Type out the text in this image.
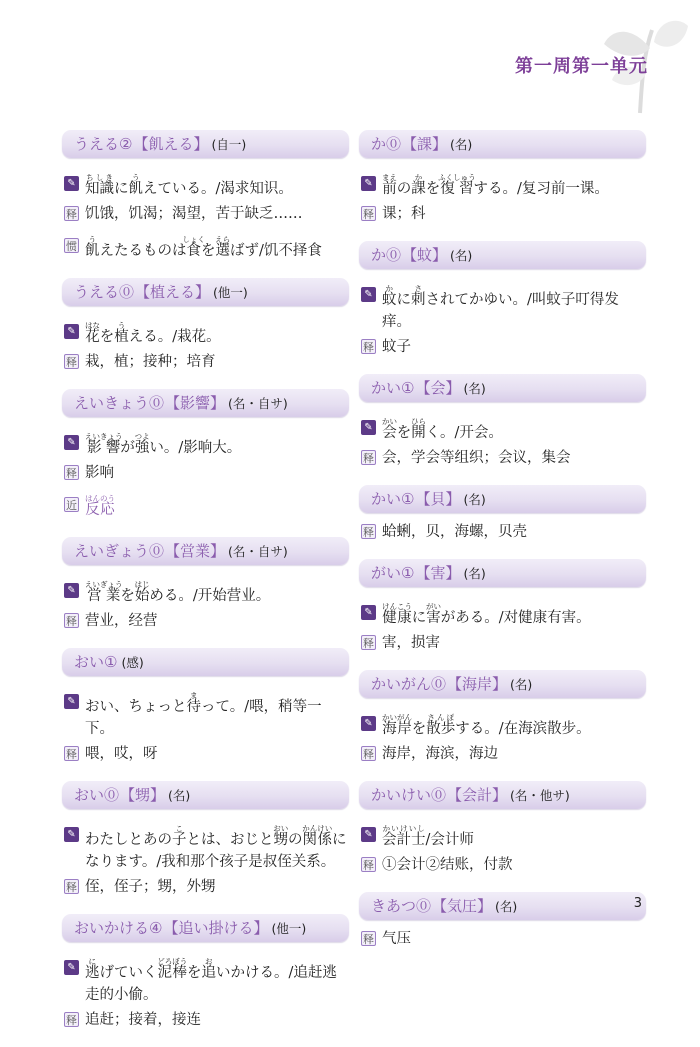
第一周第一单元
うえる②【飢える】 (自一)
✎ 知識ちしきに飢うえている。/渴求知识。
释 饥饿，饥渴；渴望，苦于缺乏……
惯 飢うえたるものは食しょくを選えらばず/饥不择食
うえる⓪【植える】 (他一)
✎ 花はなを植うえる。/栽花。
释 栽，植；接种；培育
えいきょう⓪【影響】 (名・自サ)
✎ 影響えいきょうが強つよい。/影响大。
释 影响
近 反応はんのう
えいぎょう⓪【営業】 (名・自サ)
✎ 営業えいぎょうを始はじめる。/开始营业。
释 营业，经营
おい① (感)
✎ おい、ちょっと待まって。/喂，稍等一下。
释 喂，哎，呀
おい⓪【甥】 (名)
✎ わたしとあの子ことは、おじと甥おいの関係かんけいになります。/我和那个孩子是叔侄关系。
释 侄，侄子；甥，外甥
おいかける④【追い掛ける】 (他一)
✎ 逃にげていく泥棒どろぼうを追おいかける。/追赶逃走的小偷。
释 追赶；接着，接连
か⓪【課】 (名)
✎ 前まえの課かを復習ふくしゅうする。/复习前一课。
释 课；科
か⓪【蚊】 (名)
✎ 蚊かに刺さされてかゆい。/叫蚊子叮得发痒。
释 蚊子
かい①【会】 (名)
✎ 会かいを開ひらく。/开会。
释 会，学会等组织；会议，集会
かい①【貝】 (名)
释 蛤蜊，贝，海螺，贝壳
がい①【害】 (名)
✎ 健康けんこうに害がいがある。/对健康有害。
释 害，损害
かいがん⓪【海岸】 (名)
✎ 海岸かいがんを散歩さんぽする。/在海滨散步。
释 海岸，海滨，海边
かいけい⓪【会計】 (名・他サ)
✎ 会計士かいけいし/会计师
释 ①会计②结账，付款
きあつ⓪【気圧】 (名)
释 气压
3
